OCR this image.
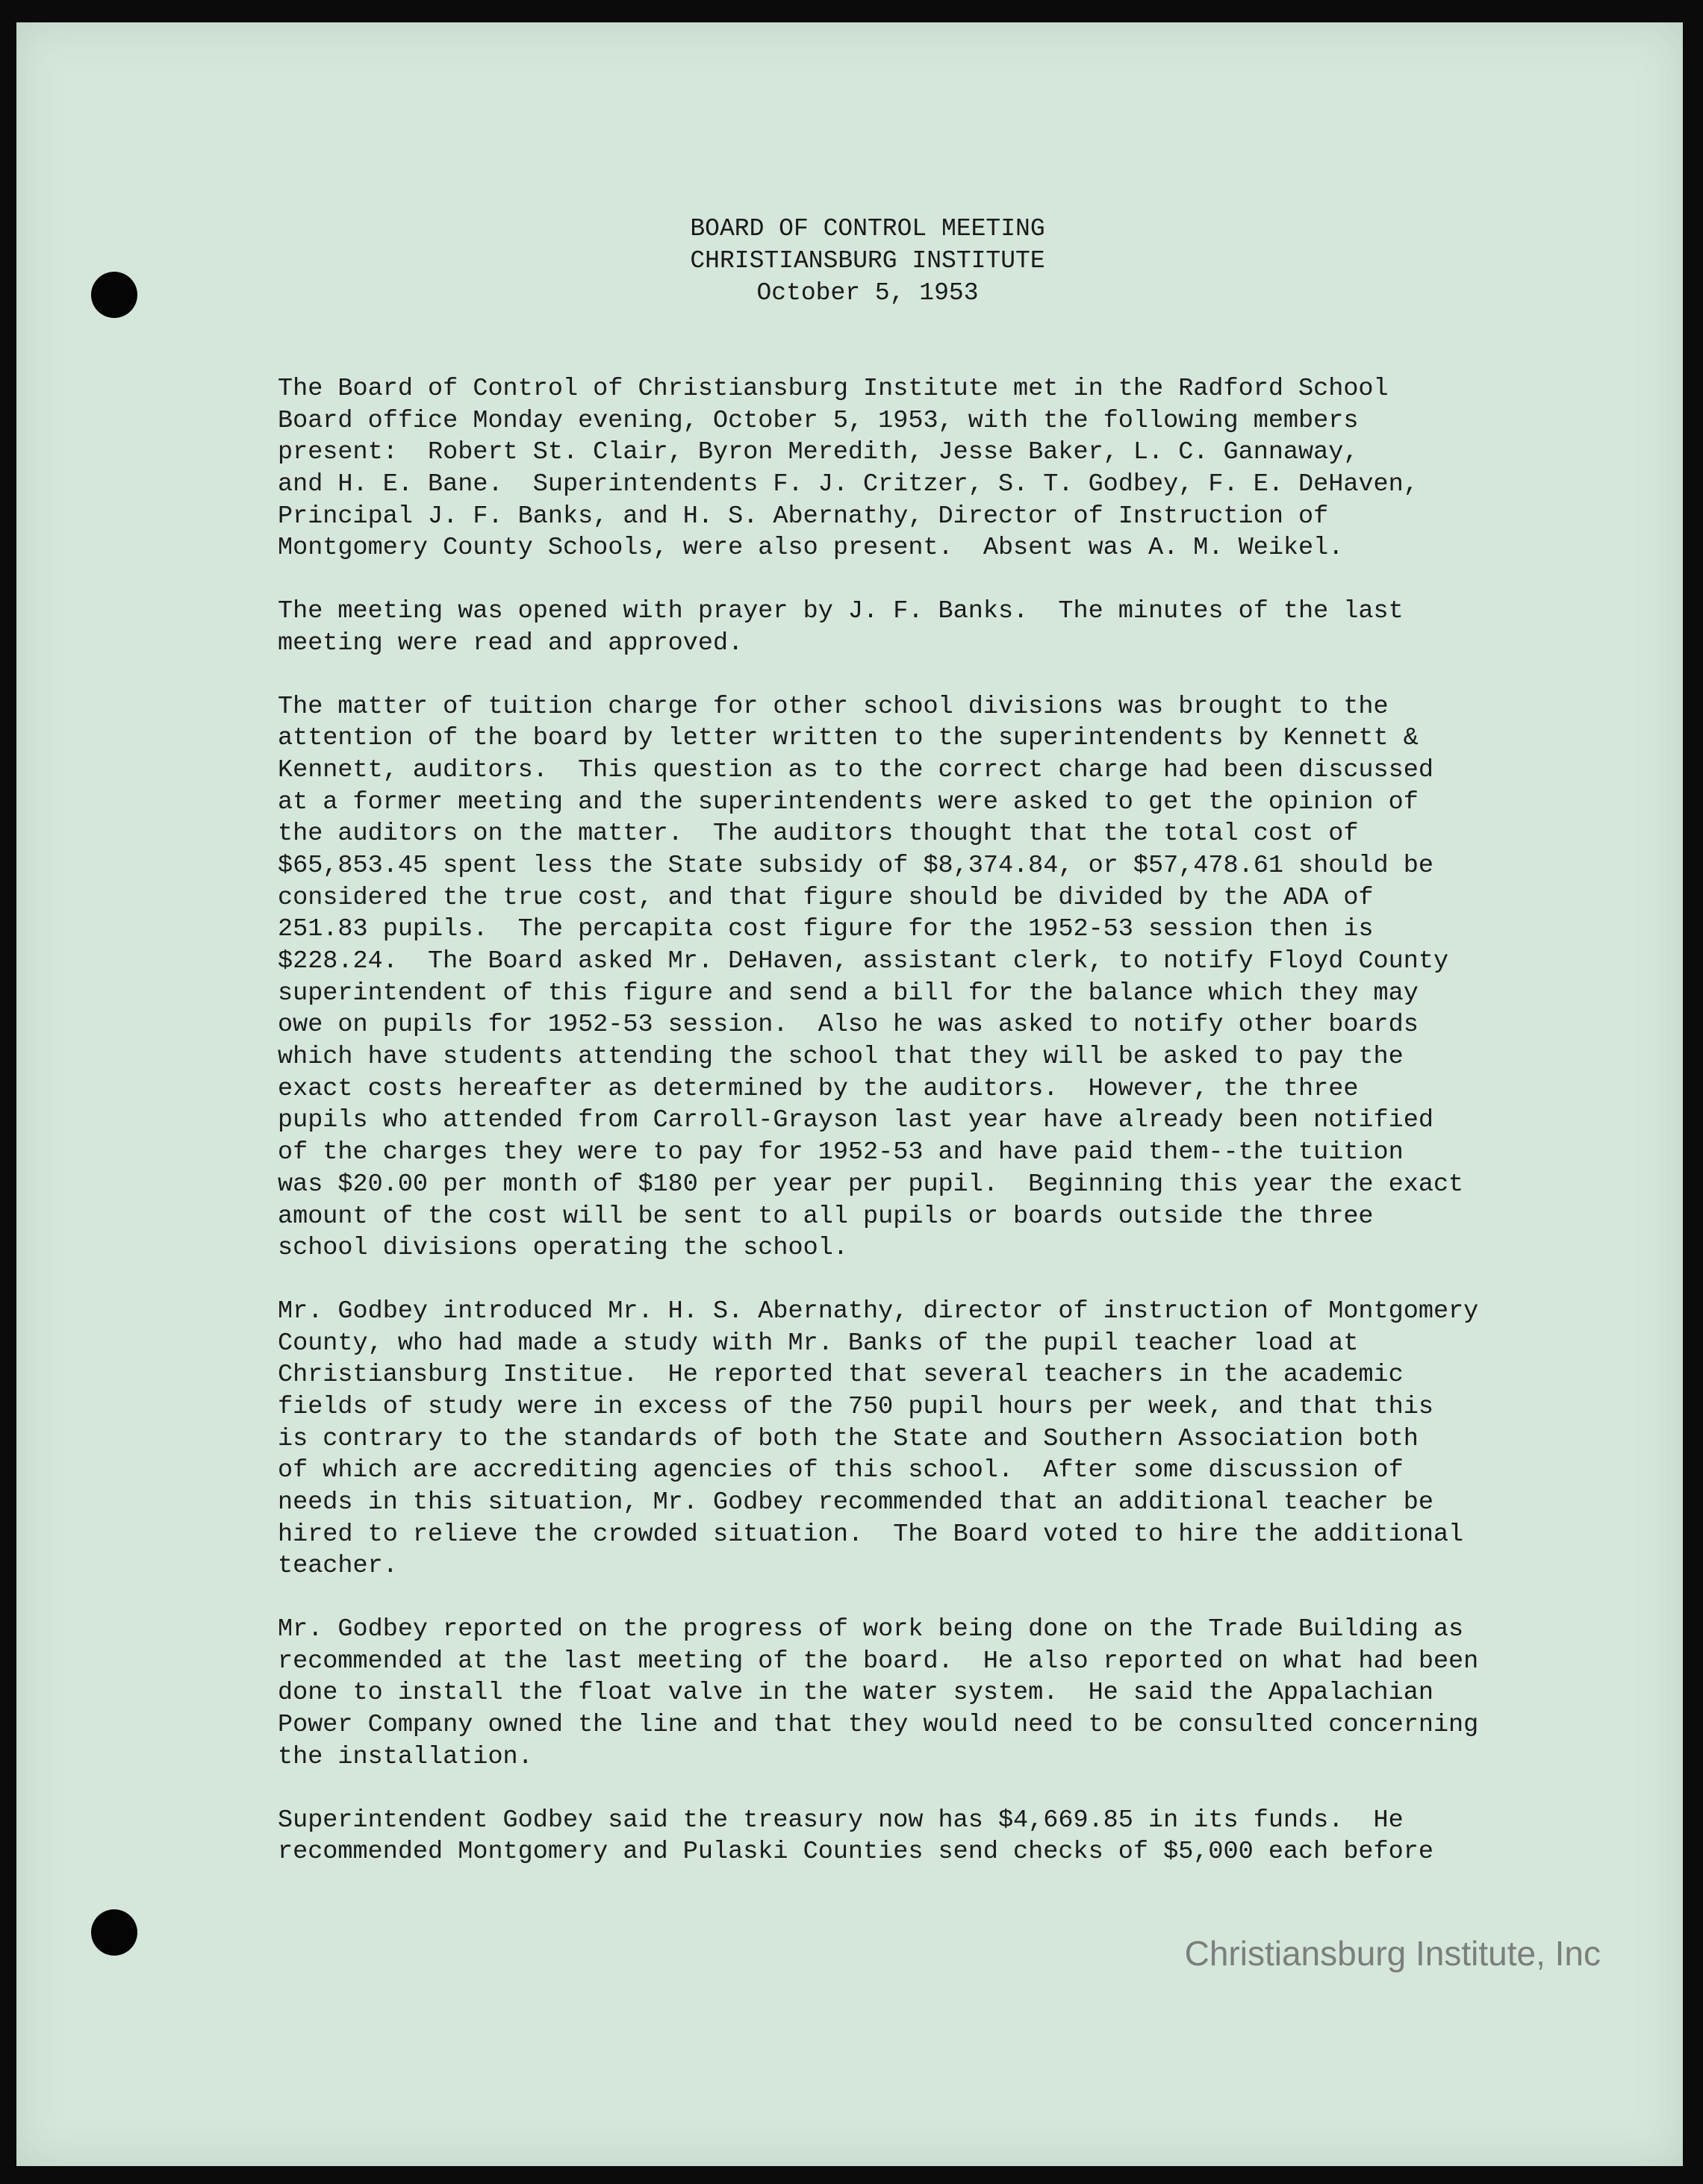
BOARD OF CONTROL MEETING
CHRISTIANSBURG INSTITUTE
October 5, 1953
The Board of Control of Christiansburg Institute met in the Radford School
Board office Monday evening, October 5, 1953, with the following members
present:  Robert St. Clair, Byron Meredith, Jesse Baker, L. C. Gannaway,
and H. E. Bane.  Superintendents F. J. Critzer, S. T. Godbey, F. E. DeHaven,
Principal J. F. Banks, and H. S. Abernathy, Director of Instruction of
Montgomery County Schools, were also present.  Absent was A. M. Weikel.
The meeting was opened with prayer by J. F. Banks.  The minutes of the last
meeting were read and approved.
The matter of tuition charge for other school divisions was brought to the
attention of the board by letter written to the superintendents by Kennett &
Kennett, auditors.  This question as to the correct charge had been discussed
at a former meeting and the superintendents were asked to get the opinion of
the auditors on the matter.  The auditors thought that the total cost of
$65,853.45 spent less the State subsidy of $8,374.84, or $57,478.61 should be
considered the true cost, and that figure should be divided by the ADA of
251.83 pupils.  The percapita cost figure for the 1952-53 session then is
$228.24.  The Board asked Mr. DeHaven, assistant clerk, to notify Floyd County
superintendent of this figure and send a bill for the balance which they may
owe on pupils for 1952-53 session.  Also he was asked to notify other boards
which have students attending the school that they will be asked to pay the
exact costs hereafter as determined by the auditors.  However, the three
pupils who attended from Carroll-Grayson last year have already been notified
of the charges they were to pay for 1952-53 and have paid them--the tuition
was $20.00 per month of $180 per year per pupil.  Beginning this year the exact
amount of the cost will be sent to all pupils or boards outside the three
school divisions operating the school.
Mr. Godbey introduced Mr. H. S. Abernathy, director of instruction of Montgomery
County, who had made a study with Mr. Banks of the pupil teacher load at
Christiansburg Institue.  He reported that several teachers in the academic
fields of study were in excess of the 750 pupil hours per week, and that this
is contrary to the standards of both the State and Southern Association both
of which are accrediting agencies of this school.  After some discussion of
needs in this situation, Mr. Godbey recommended that an additional teacher be
hired to relieve the crowded situation.  The Board voted to hire the additional
teacher.
Mr. Godbey reported on the progress of work being done on the Trade Building as
recommended at the last meeting of the board.  He also reported on what had been
done to install the float valve in the water system.  He said the Appalachian
Power Company owned the line and that they would need to be consulted concerning
the installation.
Superintendent Godbey said the treasury now has $4,669.85 in its funds.  He
recommended Montgomery and Pulaski Counties send checks of $5,000 each before
Christiansburg Institute, Inc
